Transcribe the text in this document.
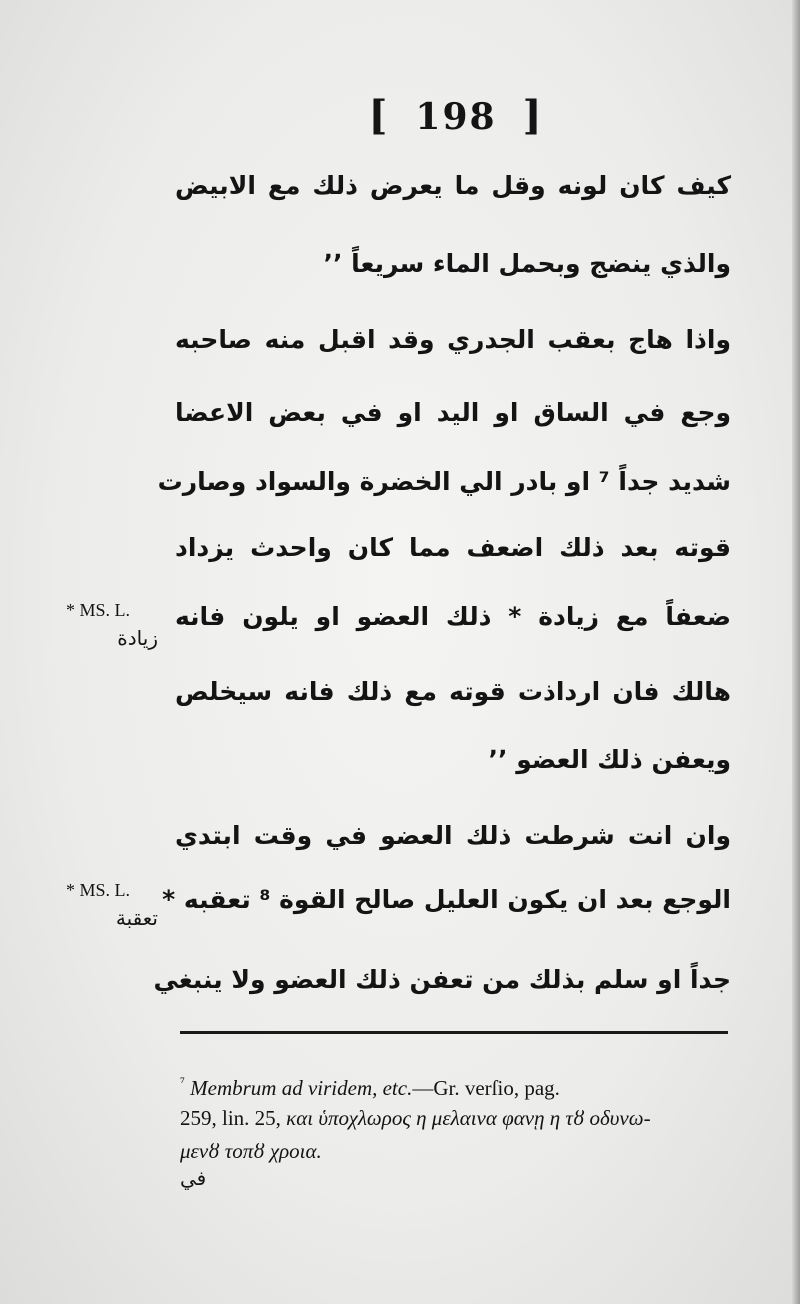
[ 198 ]
كيف كان لونه وقل ما يعرض ذلك مع الابيض
والذي ينضج وبحمل الماء سريعاً ٬٬
واذا هاج بعقب الجدري وقد اقبل منه صاحبه
وجع في الساق او اليد او في بعض الاعضا
شديد جداً ⁷ او بادر الي الخضرة والسواد وصارت
قوته بعد ذلك اضعف مما كان واحدث يزداد
ضعفاً مع زيادة * ذلك العضو او يلون فانه
هالك فان ارداذت قوته مع ذلك فانه سيخلص
ويعفن ذلك العضو ٬٬
وان انت شرطت ذلك العضو في وقت ابتدي
الوجع بعد ان يكون العليل صالح القوة ⁸ تعقبه *
جداً او سلم بذلك من تعفن ذلك العضو ولا ينبغي
* MS. L.
زيادة
* MS. L.
تعقبة
$^{^7}$ Membrum ad viridem, etc.—Gr. verſio, pag.
259, lin. 25, και ὑποχλωρος η μελαινα φανῃ η τȣ οδυνω-
μενȣ τοπȣ χροια.
في
